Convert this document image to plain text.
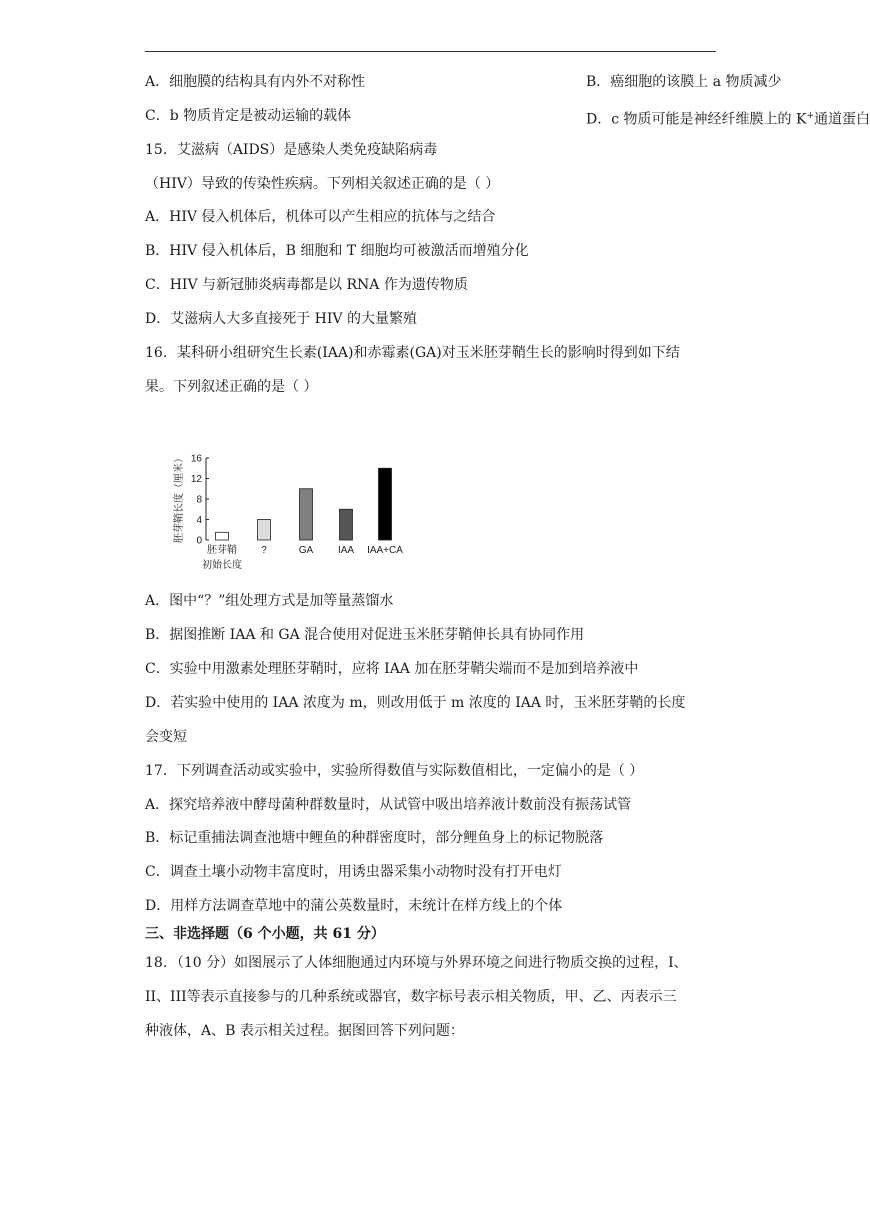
A．细胞膜的结构具有内外不对称性	B．癌细胞的该膜上 a 物质减少
C．b 物质肯定是被动运输的载体	D．c 物质可能是神经纤维膜上的 K+通道蛋白
15．艾滋病（AIDS）是感染人类免疫缺陷病毒
（HIV）导致的传染性疾病。下列相关叙述正确的是（ ）
A．HIV 侵入机体后，机体可以产生相应的抗体与之结合
B．HIV 侵入机体后，B 细胞和 T 细胞均可被激活而增殖分化
C．HIV 与新冠肺炎病毒都是以 RNA 作为遗传物质
D．艾滋病人大多直接死于 HIV 的大量繁殖
16．某科研小组研究生长素(IAA)和赤霉素(GA)对玉米胚芽鞘生长的影响时得到如下结
果。下列叙述正确的是（ ）
胚芽鞘长度（厘米） 0
4
8
12
16
胚芽鞘 ?	GA IAA IAA+CA
初始长度
A．图中“？”组处理方式是加等量蒸馏水
B．据图推断 IAA 和 GA 混合使用对促进玉米胚芽鞘伸长具有协同作用
C．实验中用激素处理胚芽鞘时，应将 IAA 加在胚芽鞘尖端而不是加到培养液中
D．若实验中使用的 IAA 浓度为 m，则改用低于 m 浓度的 IAA 时，玉米胚芽鞘的长度
会变短
17．下列调查活动或实验中，实验所得数值与实际数值相比，一定偏小的是（ ）
A．探究培养液中酵母菌种群数量时，从试管中吸出培养液计数前没有振荡试管
B．标记重捕法调查池塘中鲤鱼的种群密度时，部分鲤鱼身上的标记物脱落
C．调查土壤小动物丰富度时，用诱虫器采集小动物时没有打开电灯
D．用样方法调查草地中的蒲公英数量时，未统计在样方线上的个体
三、非选择题（6 个小题，共 61 分）
18．（10 分）如图展示了人体细胞通过内环境与外界环境之间进行物质交换的过程，I、
II、III等表示直接参与的几种系统或器官，数字标号表示相关物质，甲、乙、丙表示三
种液体，A、B 表示相关过程。据图回答下列问题：
